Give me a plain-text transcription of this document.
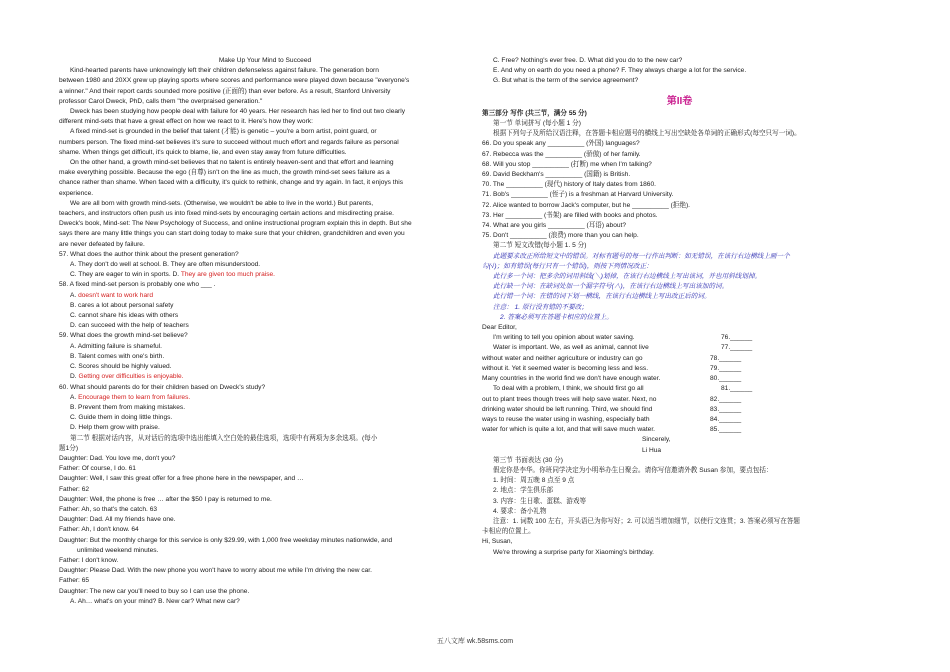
Make Up Your Mind to Succeed
Kind-hearted parents have unknowingly left their children defenseless against failure. The generation born
between 1980 and 20XX grew up playing sports where scores and performance were played down because "everyone's
a winner." And their report cards sounded more positive (正面的) than ever before. As a result, Stanford University
professor Carol Dweck, PhD, calls them "the overpraised generation."
Dweck has been studying how people deal with failure for 40 years. Her research has led her to find out two clearly
different mind-sets that have a great effect on how we react to it. Here's how they work:
A fixed mind-set is grounded in the belief that talent (才能) is genetic – you're a born artist, point guard, or
numbers person. The fixed mind-set believes it's sure to succeed without much effort and regards failure as personal
shame. When things get difficult, it's quick to blame, lie, and even stay away from future difficulties.
On the other hand, a growth mind-set believes that no talent is entirely heaven-sent and that effort and learning
make everything possible. Because the ego (自尊) isn't on the line as much, the growth mind-set sees failure as a
chance rather than shame. When faced with a difficulty, it's quick to rethink, change and try again. In fact, it enjoys this
experience.
We are all born with growth mind-sets. (Otherwise, we wouldn't be able to live in the world.) But parents,
teachers, and instructors often push us into fixed mind-sets by encouraging certain actions and misdirecting praise.
Dweck's book, Mind-set: The New Psychology of Success, and online instructional program explain this in depth. But she
says there are many little things you can start doing today to make sure that your children, grandchildren and even you
are never defeated by failure.
57. What does the author think about the present generation?
A. They don't do well at school. B. They are often misunderstood.
C. They are eager to win in sports. D. They are given too much praise.
58. A fixed mind-set person is probably one who ___ .
A. doesn't want to work hard
B. cares a lot about personal safety
C. cannot share his ideas with others
D. can succeed with the help of teachers
59. What does the growth mind-set believe?
A. Admitting failure is shameful.
B. Talent comes with one's birth.
C. Scores should be highly valued.
D. Getting over difficulties is enjoyable.
60. What should parents do for their children based on Dweck's study?
A. Encourage them to learn from failures.
B. Prevent them from making mistakes.
C. Guide them in doing little things.
D. Help them grow with praise.
第二节 根据对话内容，从对话后的选项中选出能填入空白处的最佳选项，选项中有两项为多余选项。(每小
题1分)
Daughter: Dad. You love me, don't you?
Father: Of course, I do. 61
Daughter: Well, I saw this great offer for a free phone here in the newspaper, and …
Father: 62
Daughter: Well, the phone is free … after the $50 I pay is returned to me.
Father: Ah, so that's the catch. 63
Daughter: Dad. All my friends have one.
Father: Ah, I don't know. 64
Daughter: But the monthly charge for this service is only $29.99, with 1,000 free weekday minutes nationwide, and
unlimited weekend minutes.
Father: I don't know.
Daughter: Please Dad. With the new phone you won't have to worry about me while I'm driving the new car.
Father: 65
Daughter: The new car you'll need to buy so I can use the phone.
A. Ah… what's on your mind? B. New car? What new car?
C. Free? Nothing's ever free. D. What did you do to the new car?
E. And why on earth do you need a phone? F. They always charge a lot for the service.
G. But what is the term of the service agreement?
第II卷
第三部分 写作 (共三节，满分 55 分)
第一节 单词拼写 (每小题 1 分)
根据下列句子及所给汉语注释，在答题卡相应题号的横线上写出空缺处各单词的正确形式(每空只写一词)。
66. Do you speak any __________ (外国) languages?
67. Rebecca was the __________ (骄傲) of her family.
68. Will you stop __________ (打断) me when I'm talking?
69. David Beckham's __________ (国籍) is British.
70. The __________ (现代) history of Italy dates from 1860.
71. Bob's __________ (侄子) is a freshman at Harvard University.
72. Alice wanted to borrow Jack's computer, but he __________ (拒绝).
73. Her __________ (书架) are filled with books and photos.
74. What are you girls __________ (耳语) about?
75. Don't __________ (浪费) more than you can help.
第二节 短文改错(每小题 1. 5 分)
此题要求改正所给短文中的错误。对标有题号的每一行作出判断：如无错误，在该行右边横线上画一个
勾(√)；如有错误(每行只有一个错误)，则按下列情况改正：
此行多一个词：把多余的词用斜线(＼)划掉，在该行右边横线上写出该词，并也用斜线划掉。
此行缺一个词：在缺词处加一个漏字符号(∧)，在该行右边横线上写出该加的词。
此行错一个词：在错的词下划一横线，在该行右边横线上写出改正后的词。
注意： 1. 原行没有错的不要改；
2. 答案必须写在答题卡相应的位置上。
Dear Editor,
I'm writing to tell you opinion about water saving.	76.______
Water is important. We, as well as animal, cannot live	77.______
without water and neither agriculture or industry can go	78.______
without it. Yet it seemed water is becoming less and less.	79.______
Many countries in the world find we don't have enough water.	80.______
To deal with a problem, I think, we should first go all	81.______
out to plant trees though trees will help save water. Next, no	82.______
drinking water should be left running. Third, we should find	83.______
ways to reuse the water using in washing, especially bath	84.______
water for which is quite a lot, and that will save much water.	85.______
Sincerely,
Li Hua
第三节 书面表达 (30 分)
假定你是李华。你班同学决定为小明举办生日聚会。请你写信邀请外教 Susan 参加，要点包括：
1. 时间：周五晚 8 点至 9 点
2. 地点：学生俱乐部
3. 内容：生日歌、蛋糕、游戏等
4. 要求：备小礼物
注意：1. 词数 100 左右，开头语已为你写好；2. 可以适当增加细节，以使行文连贯；3. 答案必须写在答题
卡相应的位置上。
Hi, Susan,
We're throwing a surprise party for Xiaoming's birthday.
五八文库 wk.58sms.com
